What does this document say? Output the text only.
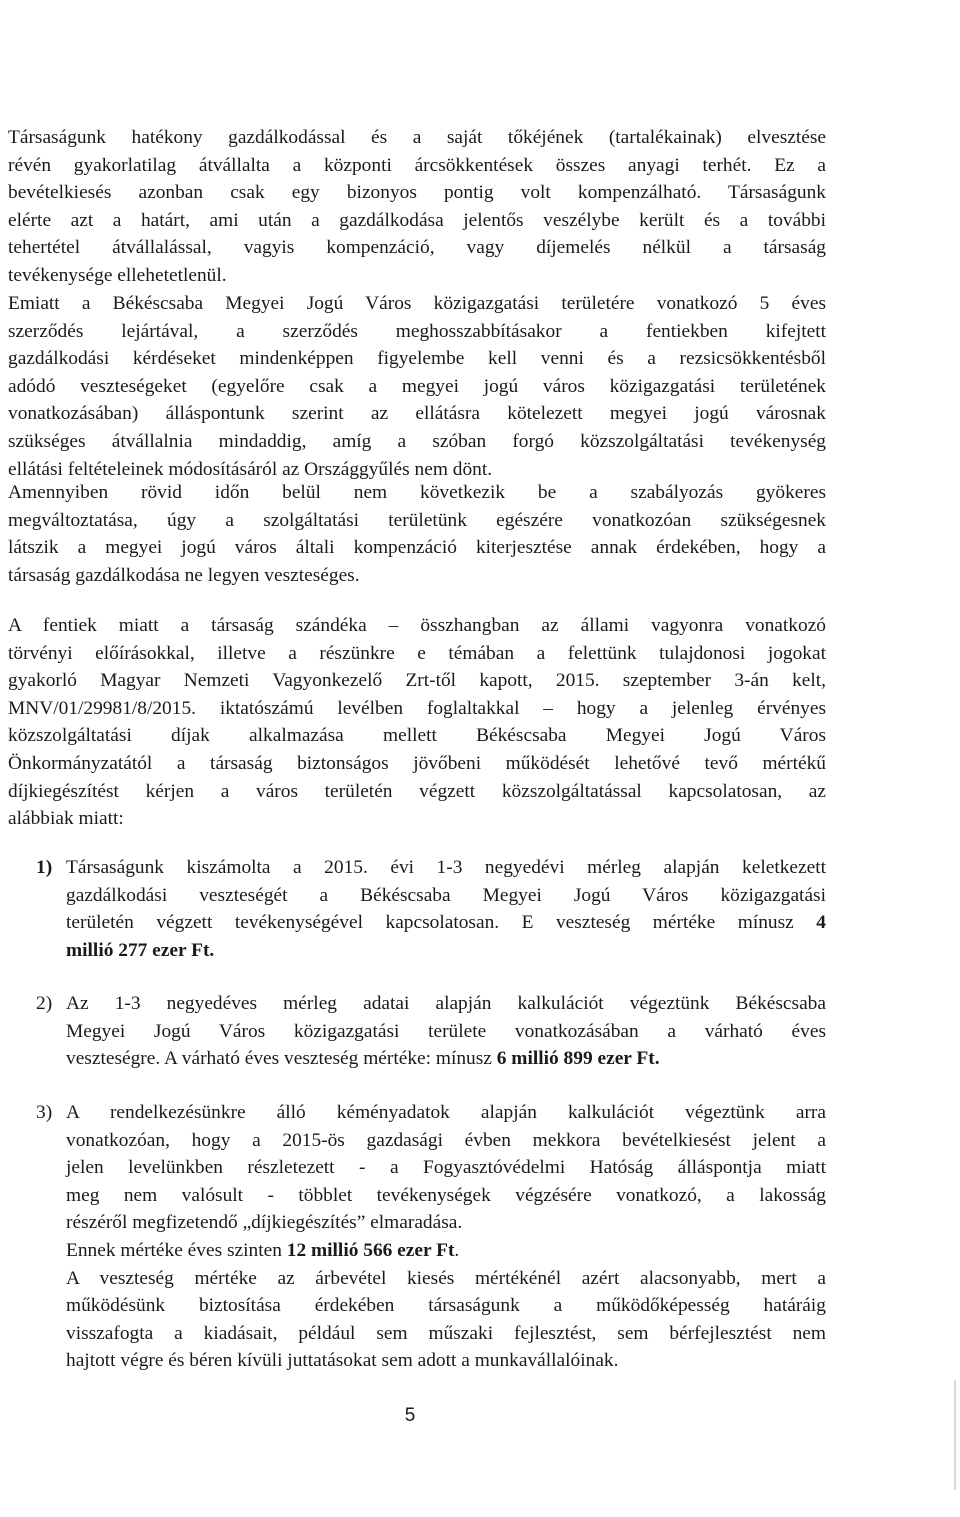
Társaságunk hatékony gazdálkodással és a saját tőkéjének (tartalékainak) elvesztése
révén gyakorlatilag átvállalta a központi árcsökkentések összes anyagi terhét. Ez a
bevételkiesés azonban csak egy bizonyos pontig volt kompenzálható. Társaságunk
elérte azt a határt, ami után a gazdálkodása jelentős veszélybe került és a további
tehertétel átvállalással, vagyis kompenzáció, vagy díjemelés nélkül a társaság
tevékenysége ellehetetlenül.
Emiatt a Békéscsaba Megyei Jogú Város közigazgatási területére vonatkozó 5 éves
szerződés lejártával, a szerződés meghosszabbításakor a fentiekben kifejtett
gazdálkodási kérdéseket mindenképpen figyelembe kell venni és a rezsicsökkentésből
adódó veszteségeket (egyelőre csak a megyei jogú város közigazgatási területének
vonatkozásában) álláspontunk szerint az ellátásra kötelezett megyei jogú városnak
szükséges átvállalnia mindaddig, amíg a szóban forgó közszolgáltatási tevékenység
ellátási feltételeinek módosításáról az Országgyűlés nem dönt.
Amennyiben rövid időn belül nem következik be a szabályozás gyökeres
megváltoztatása, úgy a szolgáltatási területünk egészére vonatkozóan szükségesnek
látszik a megyei jogú város általi kompenzáció kiterjesztése annak érdekében, hogy a
társaság gazdálkodása ne legyen veszteséges.
A fentiek miatt a társaság szándéka – összhangban az állami vagyonra vonatkozó
törvényi előírásokkal, illetve a részünkre e témában a felettünk tulajdonosi jogokat
gyakorló Magyar Nemzeti Vagyonkezelő Zrt-től kapott, 2015. szeptember 3-án kelt,
MNV/01/29981/8/2015. iktatószámú levélben foglaltakkal – hogy a jelenleg érvényes
közszolgáltatási díjak alkalmazása mellett Békéscsaba Megyei Jogú Város
Önkormányzatától a társaság biztonságos jövőbeni működését lehetővé tevő mértékű
díjkiegészítést kérjen a város területén végzett közszolgáltatással kapcsolatosan, az
alábbiak miatt:
1) Társaságunk kiszámolta a 2015. évi 1-3 negyedévi mérleg alapján keletkezett
gazdálkodási veszteségét a Békéscsaba Megyei Jogú Város közigazgatási
területén végzett tevékenységével kapcsolatosan. E veszteség mértéke mínusz 4
millió 277 ezer Ft.
2) Az 1-3 negyedéves mérleg adatai alapján kalkulációt végeztünk Békéscsaba
Megyei Jogú Város közigazgatási területe vonatkozásában a várható éves
veszteségre. A várható éves veszteség mértéke: mínusz 6 millió 899 ezer Ft.
3) A rendelkezésünkre álló kéményadatok alapján kalkulációt végeztünk arra
vonatkozóan, hogy a 2015-ös gazdasági évben mekkora bevételkiesést jelent a
jelen levelünkben részletezett - a Fogyasztóvédelmi Hatóság álláspontja miatt
meg nem valósult - többlet tevékenységek végzésére vonatkozó, a lakosság
részéről megfizetendő „díjkiegészítés” elmaradása.
Ennek mértéke éves szinten 12 millió 566 ezer Ft.
A veszteség mértéke az árbevétel kiesés mértékénél azért alacsonyabb, mert a
működésünk biztosítása érdekében társaságunk a működőképesség határáig
visszafogta a kiadásait, például sem műszaki fejlesztést, sem bérfejlesztést nem
hajtott végre és béren kívüli juttatásokat sem adott a munkavállalóinak.
5
